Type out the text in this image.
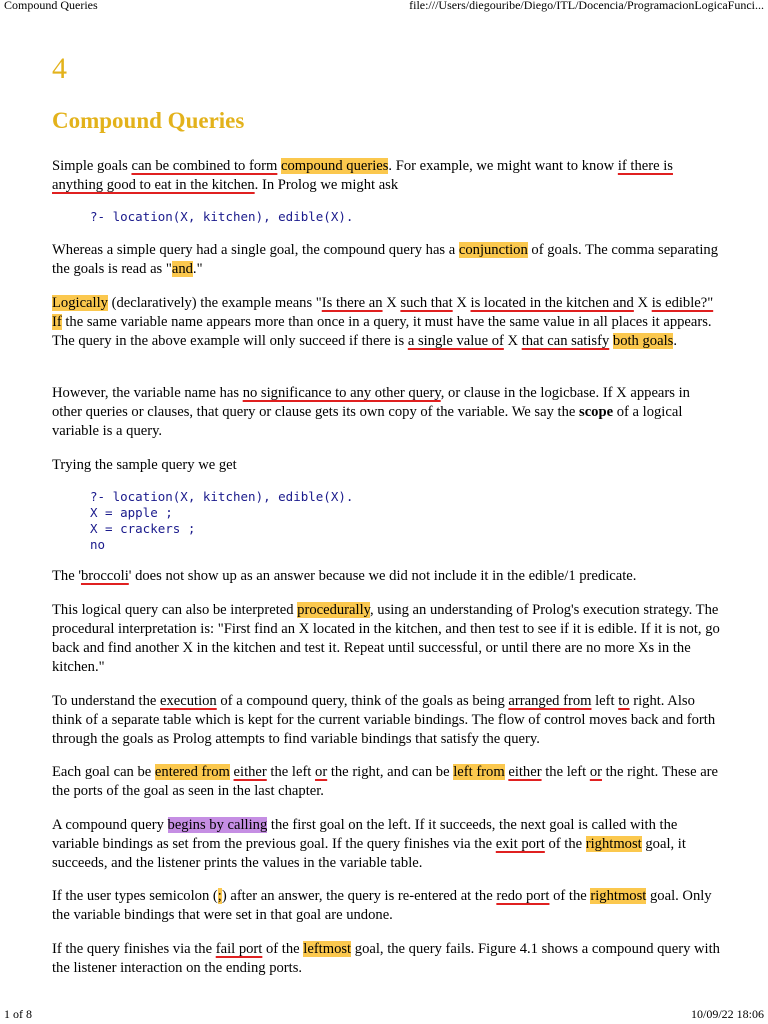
Compound Queries	file:///Users/diegouribe/Diego/ITL/Docencia/ProgramacionLogicaFunci...
4
Compound Queries

Simple goals can be combined to form compound queries. For example, we might want to know if there is anything good to eat in the kitchen. In Prolog we might ask

?- location(X, kitchen), edible(X).

Whereas a simple query had a single goal, the compound query has a conjunction of goals. The comma separating the goals is read as "and."

Logically (declaratively) the example means "Is there an X such that X is located in the kitchen and X is edible?" If the same variable name appears more than once in a query, it must have the same value in all places it appears. The query in the above example will only succeed if there is a single value of X that can satisfy both goals.

However, the variable name has no significance to any other query, or clause in the logicbase. If X appears in other queries or clauses, that query or clause gets its own copy of the variable. We say the scope of a logical variable is a query.

Trying the sample query we get

?- location(X, kitchen), edible(X).
X = apple ;
X = crackers ;
no

The 'broccoli' does not show up as an answer because we did not include it in the edible/1 predicate.

This logical query can also be interpreted procedurally, using an understanding of Prolog's execution strategy. The procedural interpretation is: "First find an X located in the kitchen, and then test to see if it is edible. If it is not, go back and find another X in the kitchen and test it. Repeat until successful, or until there are no more Xs in the kitchen."

To understand the execution of a compound query, think of the goals as being arranged from left to right. Also think of a separate table which is kept for the current variable bindings. The flow of control moves back and forth through the goals as Prolog attempts to find variable bindings that satisfy the query.

Each goal can be entered from either the left or the right, and can be left from either the left or the right. These are the ports of the goal as seen in the last chapter.

A compound query begins by calling the first goal on the left. If it succeeds, the next goal is called with the variable bindings as set from the previous goal. If the query finishes via the exit port of the rightmost goal, it succeeds, and the listener prints the values in the variable table.

If the user types semicolon (;) after an answer, the query is re-entered at the redo port of the rightmost goal. Only the variable bindings that were set in that goal are undone.

If the query finishes via the fail port of the leftmost goal, the query fails. Figure 4.1 shows a compound query with the listener interaction on the ending ports.

1 of 8	10/09/22 18:06
